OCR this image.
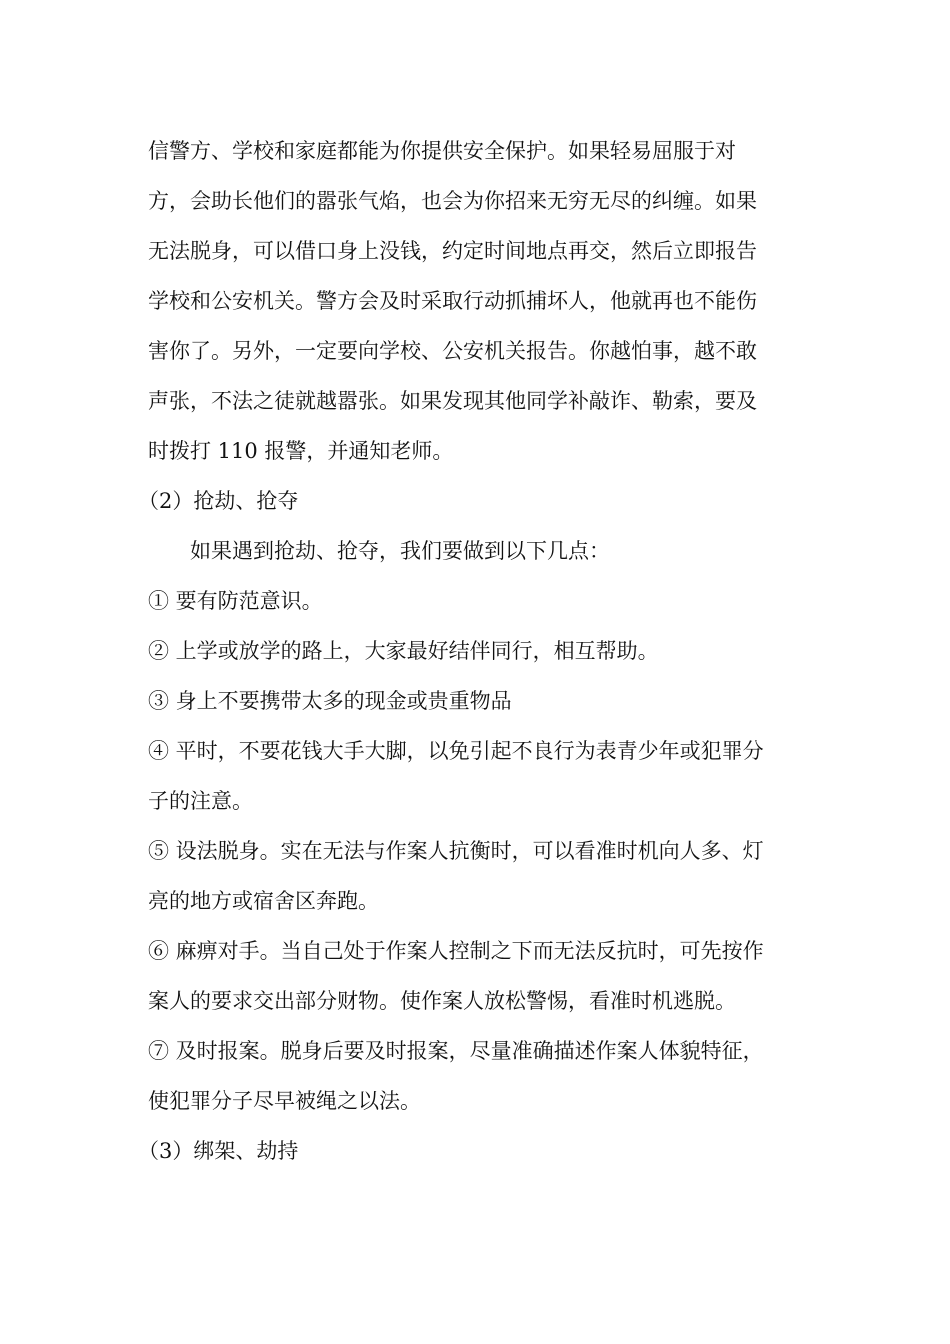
信警方、学校和家庭都能为你提供安全保护。如果轻易屈服于对
方，会助长他们的嚣张气焰，也会为你招来无穷无尽的纠缠。如果
无法脱身，可以借口身上没钱，约定时间地点再交，然后立即报告
学校和公安机关。警方会及时采取行动抓捕坏人，他就再也不能伤
害你了。另外，一定要向学校、公安机关报告。你越怕事，越不敢
声张，不法之徒就越嚣张。如果发现其他同学补敲诈、勒索，要及
时拨打 110 报警，并通知老师。
（2）抢劫、抢夺
如果遇到抢劫、抢夺，我们要做到以下几点：
① 要有防范意识。
② 上学或放学的路上，大家最好结伴同行，相互帮助。
③ 身上不要携带太多的现金或贵重物品
④ 平时，不要花钱大手大脚，以免引起不良行为表青少年或犯罪分
子的注意。
⑤ 设法脱身。实在无法与作案人抗衡时，可以看准时机向人多、灯
亮的地方或宿舍区奔跑。
⑥ 麻痹对手。当自己处于作案人控制之下而无法反抗时，可先按作
案人的要求交出部分财物。使作案人放松警惕，看准时机逃脱。
⑦ 及时报案。脱身后要及时报案，尽量准确描述作案人体貌特征，
使犯罪分子尽早被绳之以法。
（3）绑架、劫持
